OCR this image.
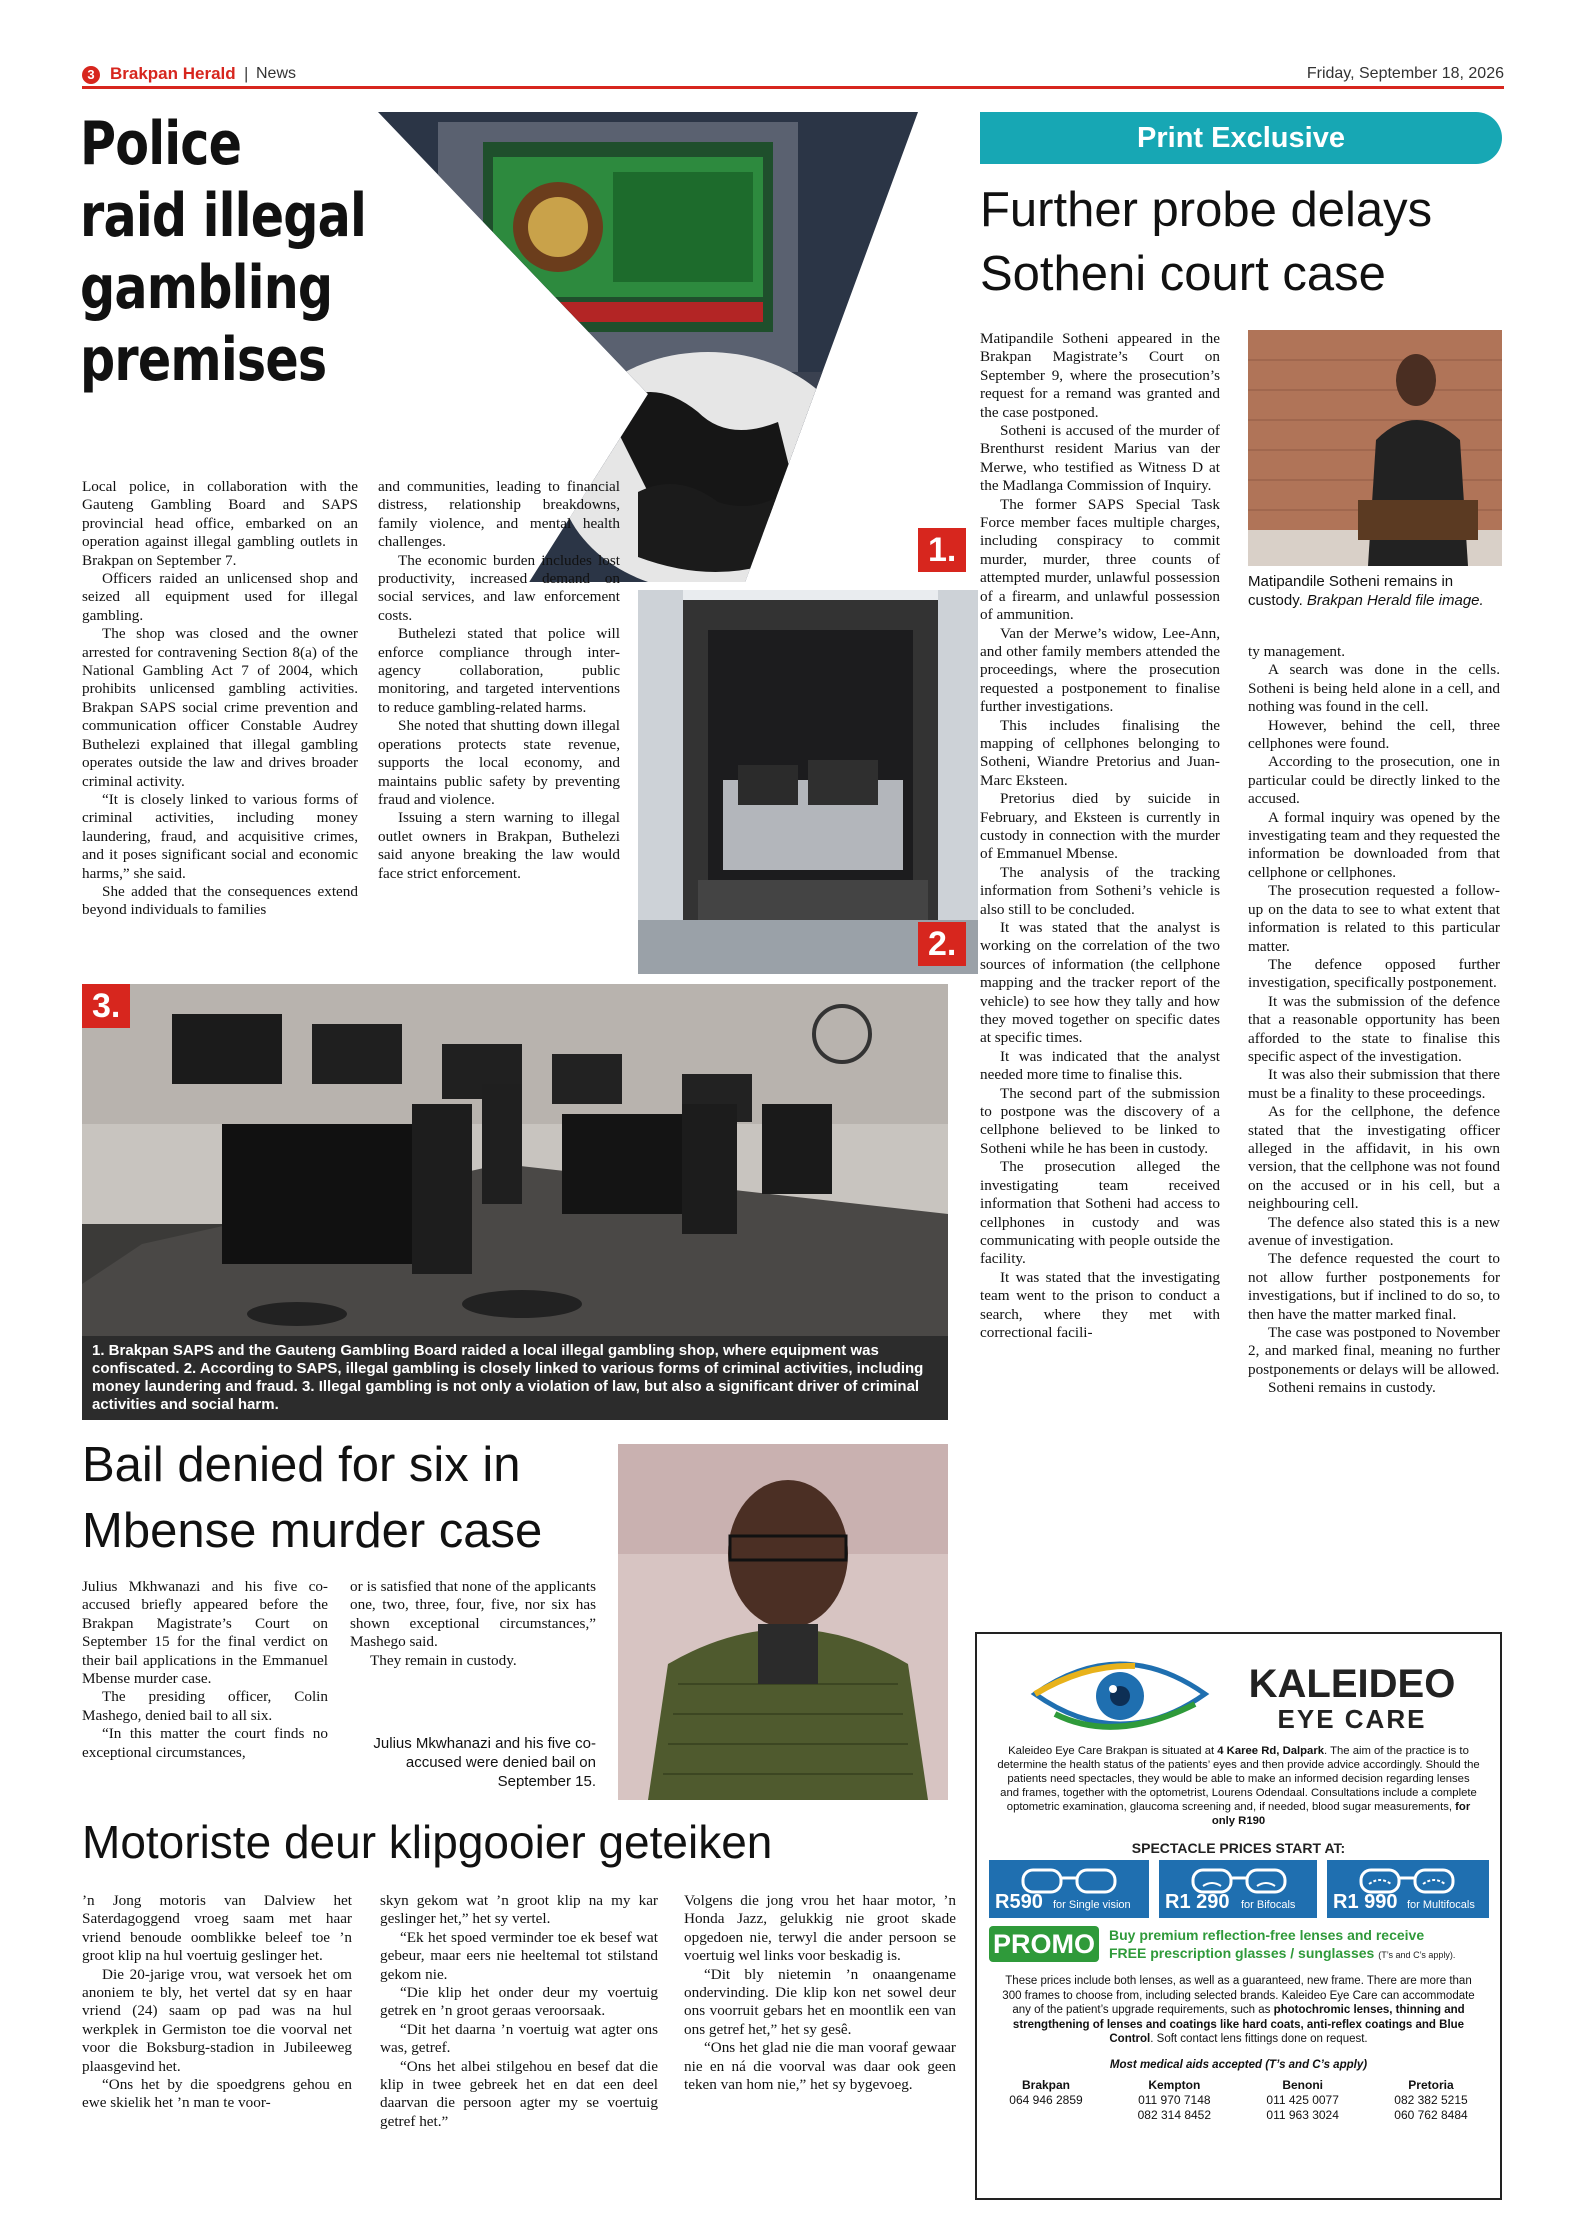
3 Brakpan Herald | News	Friday, September 18, 2026
Police
raid illegal
gambling
premises
1.
2.

Local police, in collaboration with the Gauteng Gambling Board and SAPS provincial head office, embarked on an operation against illegal gambling outlets in Brakpan on September 7.

Officers raided an unlicensed shop and seized all equipment used for illegal gambling.

The shop was closed and the owner arrested for contravening Section 8(a) of the National Gambling Act 7 of 2004, which prohibits unlicensed gambling activities. Brakpan SAPS social crime prevention and communication officer Constable Audrey Buthelezi explained that illegal gambling operates outside the law and drives broader criminal activity.

“It is closely linked to various forms of criminal activities, including money laundering, fraud, and acquisitive crimes, and it poses significant social and economic harms,” she said.

She added that the consequences extend beyond individuals to families

and communities, leading to financial distress, relationship breakdowns, family violence, and mental health challenges.

The economic burden includes lost productivity, increased demand on social services, and law enforcement costs.

Buthelezi stated that police will enforce compliance through inter-agency collaboration, public monitoring, and targeted interventions to reduce gambling-related harms.

She noted that shutting down illegal operations protects state revenue, supports the local economy, and maintains public safety by preventing fraud and violence.

Issuing a stern warning to illegal outlet owners in Brakpan, Buthelezi said anyone breaking the law would face strict enforcement.

3.
1. Brakpan SAPS and the Gauteng Gambling Board raided a local illegal gambling shop, where equipment was confiscated. 2. According to SAPS, illegal gambling is closely linked to various forms of criminal activities, including money laundering and fraud. 3. Illegal gambling is not only a violation of law, but also a significant driver of criminal activities and social harm.
Print Exclusive
Further probe delays
Sotheni court case

Matipandile Sotheni appeared in the Brakpan Magistrate’s Court on September 9, where the prosecution’s request for a remand was granted and the case postponed.

Sotheni is accused of the murder of Brenthurst resident Marius van der Merwe, who testified as Witness D at the Madlanga Commission of Inquiry.

The former SAPS Special Task Force member faces multiple charges, including conspiracy to commit murder, murder, three counts of attempted murder, unlawful possession of a firearm, and unlawful possession of ammunition.

Van der Merwe’s widow, Lee-Ann, and other family members attended the proceedings, where the prosecution requested a postponement to finalise further investigations.

This includes finalising the mapping of cellphones belonging to Sotheni, Wiandre Pretorius and Juan-Marc Eksteen.

Pretorius died by suicide in February, and Eksteen is currently in custody in connection with the murder of Emmanuel Mbense.

The analysis of the tracking information from Sotheni’s vehicle is also still to be concluded.

It was stated that the analyst is working on the correlation of the two sources of information (the cellphone mapping and the tracker report of the vehicle) to see how they tally and how they moved together on specific dates at specific times.

It was indicated that the analyst needed more time to finalise this.

The second part of the submission to postpone was the discovery of a cellphone believed to be linked to Sotheni while he has been in custody.

The prosecution alleged the investigating team received information that Sotheni had access to cellphones in custody and was communicating with people outside the facility.

It was stated that the investigating team went to the prison to conduct a search, where they met with correctional facili-

Matipandile Sotheni remains in custody. Brakpan Herald file image.

ty management.

A search was done in the cells. Sotheni is being held alone in a cell, and nothing was found in the cell.

However, behind the cell, three cellphones were found.

According to the prosecution, one in particular could be directly linked to the accused.

A formal inquiry was opened by the investigating team and they requested the information be downloaded from that cellphone or cellphones.

The prosecution requested a follow-up on the data to see to what extent that information is related to this particular matter.

The defence opposed further investigation, specifically postponement.

It was the submission of the defence that a reasonable opportunity has been afforded to the state to finalise this specific aspect of the investigation.

It was also their submission that there must be a finality to these proceedings.

As for the cellphone, the defence stated that the investigating officer alleged in the affidavit, in his own version, that the cellphone was not found on the accused or in his cell, but a neighbouring cell.

The defence also stated this is a new avenue of investigation.

The defence requested the court to not allow further postponements for investigations, but if inclined to do so, to then have the matter marked final.

The case was postponed to November 2, and marked final, meaning no further postponements or delays will be allowed.

Sotheni remains in custody.

Bail denied for six in
Mbense murder case

Julius Mkhwanazi and his five co-accused briefly appeared before the Brakpan Magistrate’s Court on September 15 for the final verdict on their bail applications in the Emmanuel Mbense murder case.

The presiding officer, Colin Mashego, denied bail to all six.

“In this matter the court finds no exceptional circumstances,

or is satisfied that none of the applicants one, two, three, four, five, nor six has shown exceptional circumstances,” Mashego said.

They remain in custody.

Julius Mkwhanazi and his five co-accused were denied bail on September 15.
Motoriste deur klipgooier geteiken

’n Jong motoris van Dalview het Saterdagoggend vroeg saam met haar vriend benoude oomblikke beleef toe ’n groot klip na hul voertuig geslinger het.

Die 20-jarige vrou, wat versoek het om anoniem te bly, het vertel dat sy en haar vriend (24) saam op pad was na hul werkplek in Germiston toe die voorval net voor die Boksburg-stadion in Jubileeweg plaasgevind het.

“Ons het by die spoedgrens gehou en ewe skielik het ’n man te voor-

skyn gekom wat ’n groot klip na my kar geslinger het,” het sy vertel.

“Ek het spoed verminder toe ek besef wat gebeur, maar eers nie heeltemal tot stilstand gekom nie.

“Die klip het onder deur my voertuig getrek en ’n groot geraas veroorsaak.

“Dit het daarna ’n voertuig wat agter ons was, getref.

“Ons het albei stilgehou en besef dat die klip in twee gebreek het en dat een deel daarvan die persoon agter my se voertuig getref het.”

Volgens die jong vrou het haar motor, ’n Honda Jazz, gelukkig nie groot skade opgedoen nie, terwyl die ander persoon se voertuig wel links voor beskadig is.

“Dit bly nietemin ’n onaangename ondervinding. Die klip kon net sowel deur ons voorruit gebars het en moontlik een van ons getref het,” het sy gesê.

“Ons het glad nie die man vooraf gewaar nie en ná die voorval was daar ook geen teken van hom nie,” het sy bygevoeg.

KALEIDEO
EYE CARE
Kaleideo Eye Care Brakpan is situated at 4 Karee Rd, Dalpark. The aim of the practice is to determine the health status of the patients’ eyes and then provide advice accordingly. Should the patients need spectacles, they would be able to make an informed decision regarding lenses and frames, together with the optometrist, Lourens Odendaal. Consultations include a complete optometric examination, glaucoma screening and, if needed, blood sugar measurements, for only R190
SPECTACLE PRICES START AT:
R590 for Single vision R1 290 for Bifocals R1 990 for Multifocals
PROMO Buy premium reflection-free lenses and receive
FREE prescription glasses / sunglasses (T’s and C’s apply).
These prices include both lenses, as well as a guaranteed, new frame. There are more than 300 frames to choose from, including selected brands. Kaleideo Eye Care can accommodate any of the patient’s upgrade requirements, such as photochromic lenses, thinning and strengthening of lenses and coatings like hard coats, anti-reflex coatings and Blue Control. Soft contact lens fittings done on request.
Most medical aids accepted (T’s and C’s apply)
Brakpan
064 946 2859
Kempton
011 970 7148
082 314 8452
Benoni
011 425 0077
011 963 3024
Pretoria
082 382 5215
060 762 8484
